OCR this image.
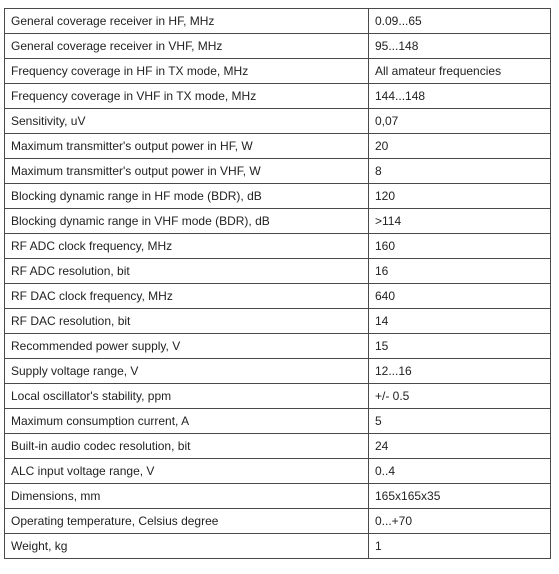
General coverage receiver in HF, MHz	0.09...65
General coverage receiver in VHF, MHz	95...148
Frequency coverage in HF in TX mode, MHz	All amateur frequencies
Frequency coverage in VHF in TX mode, MHz	144...148
Sensitivity, uV	0,07
Maximum transmitter's output power in HF, W	20
Maximum transmitter's output power in VHF, W	8
Blocking dynamic range in HF mode (BDR), dB	120
Blocking dynamic range in VHF mode (BDR), dB	>114
RF ADC clock frequency, MHz	160
RF ADC resolution, bit	16
RF DAC clock frequency, MHz	640
RF DAC resolution, bit	14
Recommended power supply, V	15
Supply voltage range, V	12...16
Local oscillator's stability, ppm	+/- 0.5
Maximum consumption current, A	5
Built-in audio codec resolution, bit	24
ALC input voltage range, V	0..4
Dimensions, mm	165x165x35
Operating temperature, Celsius degree	0...+70
Weight, kg	1
